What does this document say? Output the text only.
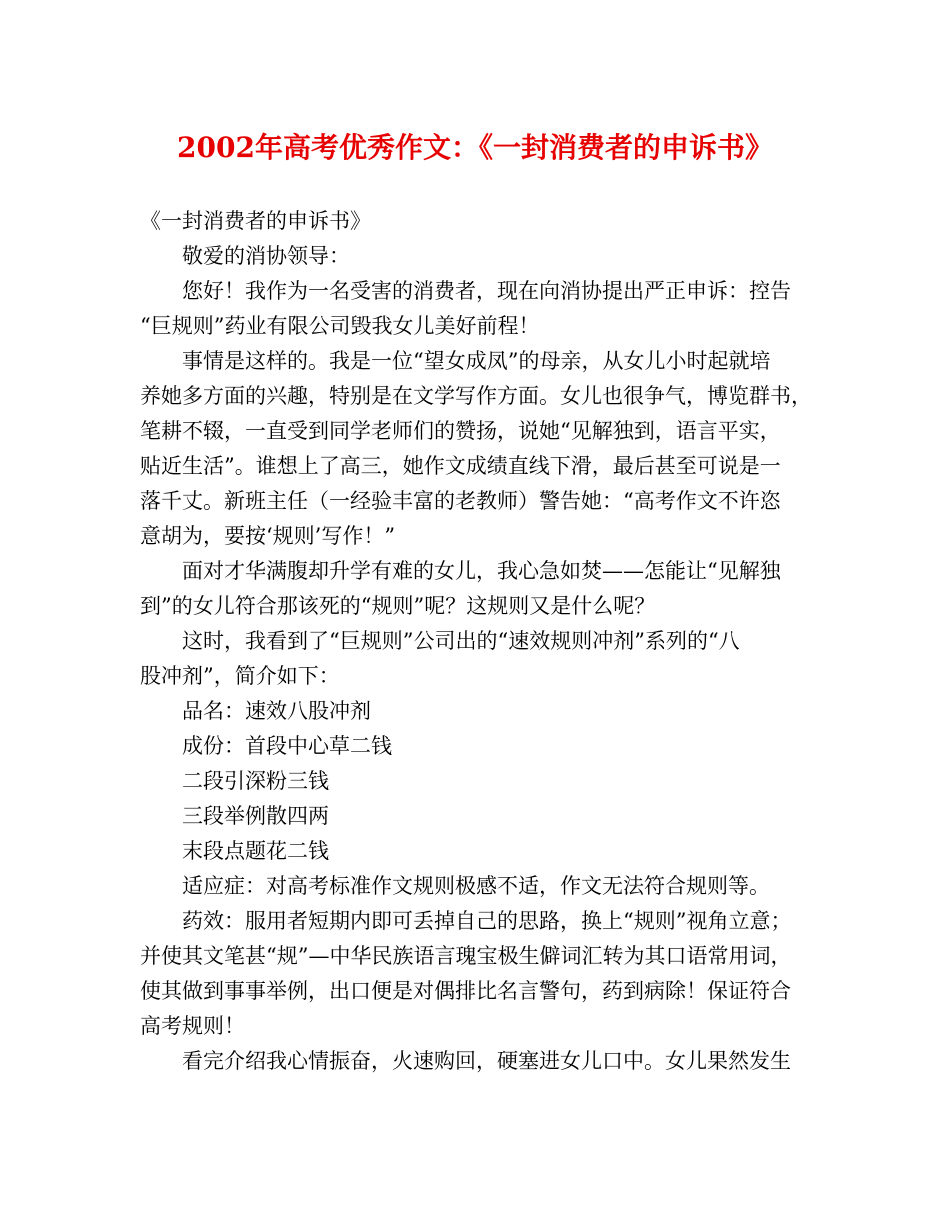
2002年高考优秀作文：《一封消费者的申诉书》
《一封消费者的申诉书》
敬爱的消协领导：
您好！我作为一名受害的消费者，现在向消协提出严正申诉：控告
“巨规则”药业有限公司毁我女儿美好前程！
事情是这样的。我是一位“望女成凤”的母亲，从女儿小时起就培
养她多方面的兴趣，特别是在文学写作方面。女儿也很争气，博览群书，
笔耕不辍，一直受到同学老师们的赞扬，说她“见解独到，语言平实，
贴近生活”。谁想上了高三，她作文成绩直线下滑，最后甚至可说是一
落千丈。新班主任（一经验丰富的老教师）警告她：“高考作文不许恣
意胡为，要按‘规则’写作！”
面对才华满腹却升学有难的女儿，我心急如焚——怎能让“见解独
到”的女儿符合那该死的“规则”呢？这规则又是什么呢？
这时，我看到了“巨规则”公司出的“速效规则冲剂”系列的“八
股冲剂”，简介如下：
品名：速效八股冲剂
成份：首段中心草二钱
二段引深粉三钱
三段举例散四两
末段点题花二钱
适应症：对高考标准作文规则极感不适，作文无法符合规则等。
药效：服用者短期内即可丢掉自己的思路，换上“规则”视角立意；
并使其文笔甚“规”—中华民族语言瑰宝极生僻词汇转为其口语常用词，
使其做到事事举例，出口便是对偶排比名言警句，药到病除！保证符合
高考规则！
看完介绍我心情振奋，火速购回，硬塞进女儿口中。女儿果然发生
